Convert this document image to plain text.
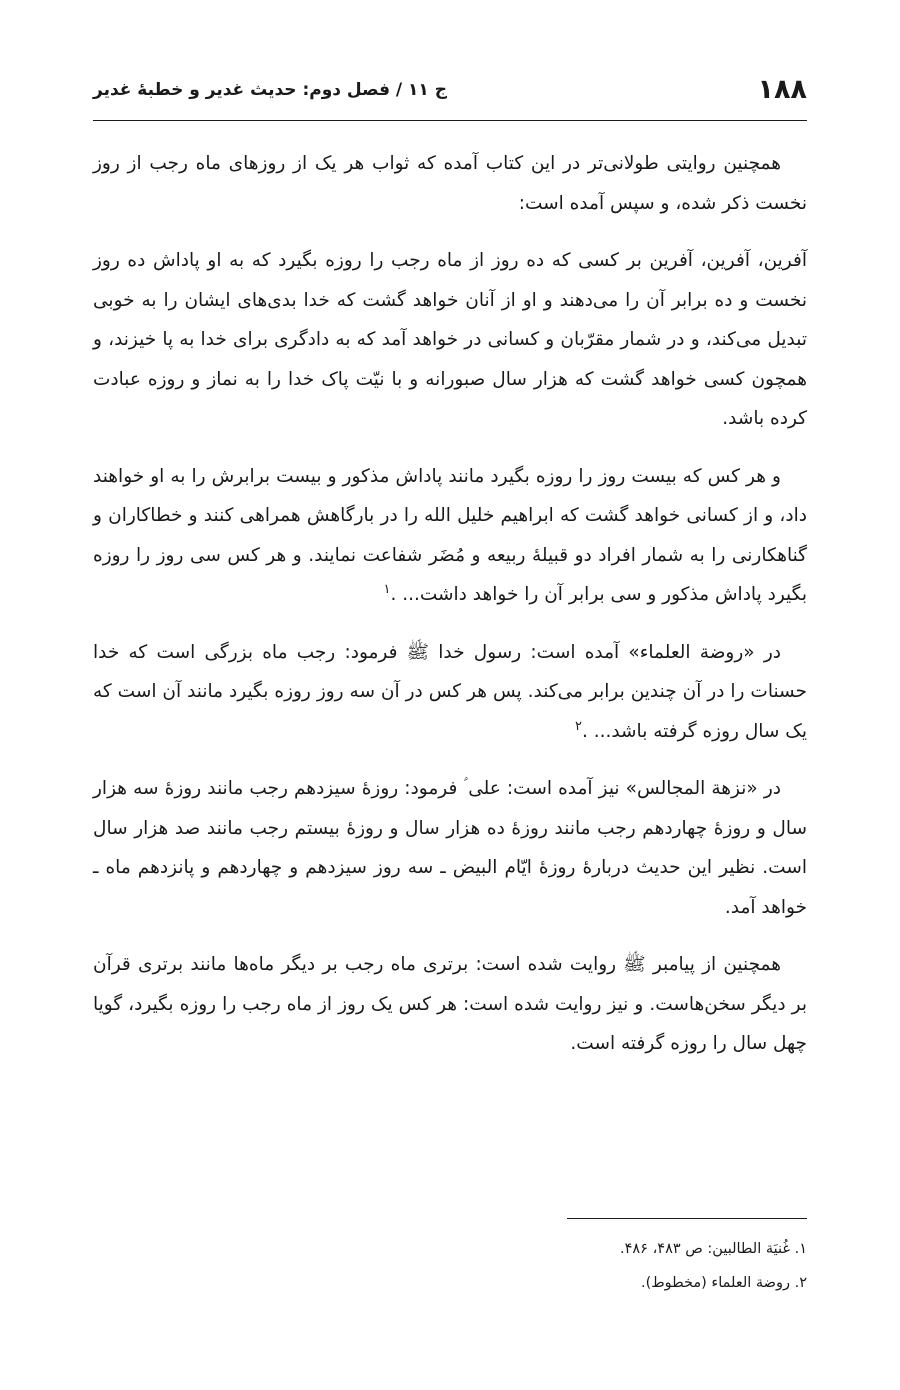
۱۸۸
ج ۱۱ / فصل دوم: حدیث غدیر و خطبهٔ غدیر

همچنین روایتی طولانی‌تر در این کتاب آمده که ثواب هر یک از روزهای ماه رجب از روز نخست ذکر شده، و سپس آمده است:

آفرین، آفرین، آفرین بر کسی که ده روز از ماه رجب را روزه بگیرد که به او پاداش ده روز نخست و ده برابر آن را می‌دهند و او از آنان خواهد گشت که خدا بدی‌های ایشان را به خوبی تبدیل می‌کند، و در شمار مقرّبان و کسانی در خواهد آمد که به دادگری برای خدا به پا خیزند، و همچون کسی خواهد گشت که هزار سال صبورانه و با نیّت پاک خدا را به نماز و روزه عبادت کرده باشد.

و هر کس که بیست روز را روزه بگیرد مانند پاداش مذکور و بیست برابرش را به او خواهند داد، و از کسانی خواهد گشت که ابراهیم خلیل الله را در بارگاهش همراهی کنند و خطاکاران و گناهکارنی را به شمار افراد دو قبیلهٔ ربیعه و مُضَر شفاعت نمایند. و هر کس سی روز را روزه بگیرد پاداش مذکور و سی برابر آن را خواهد داشت... .$^۱$

در «روضة العلماء» آمده است: رسول خدا ﷺ فرمود: رجب ماه بزرگی است که خدا حسنات را در آن چندین برابر می‌کند. پس هر کس در آن سه روز روزه بگیرد مانند آن است که یک سال روزه گرفته باشد... .$^۲$

در «نزهة المجالس» نیز آمده است: علی ؑ فرمود: روزهٔ سیزدهم رجب مانند روزهٔ سه هزار سال و روزهٔ چهاردهم رجب مانند روزهٔ ده هزار سال و روزهٔ بیستم رجب مانند صد هزار سال است. نظیر این حدیث دربارهٔ روزهٔ ایّام البیض ـ سه روز سیزدهم و چهاردهم و پانزدهم ماه ـ خواهد آمد.

همچنین از پیامبر ﷺ روایت شده است: برتری ماه رجب بر دیگر ماه‌ها مانند برتری قرآن بر دیگر سخن‌هاست. و نیز روایت شده است: هر کس یک روز از ماه رجب را روزه بگیرد، گویا چهل سال را روزه گرفته است.

۱. غُنیَة الطالبین: ص ۴۸۳، ۴۸۶.

۲. روضة العلماء (مخطوط).
